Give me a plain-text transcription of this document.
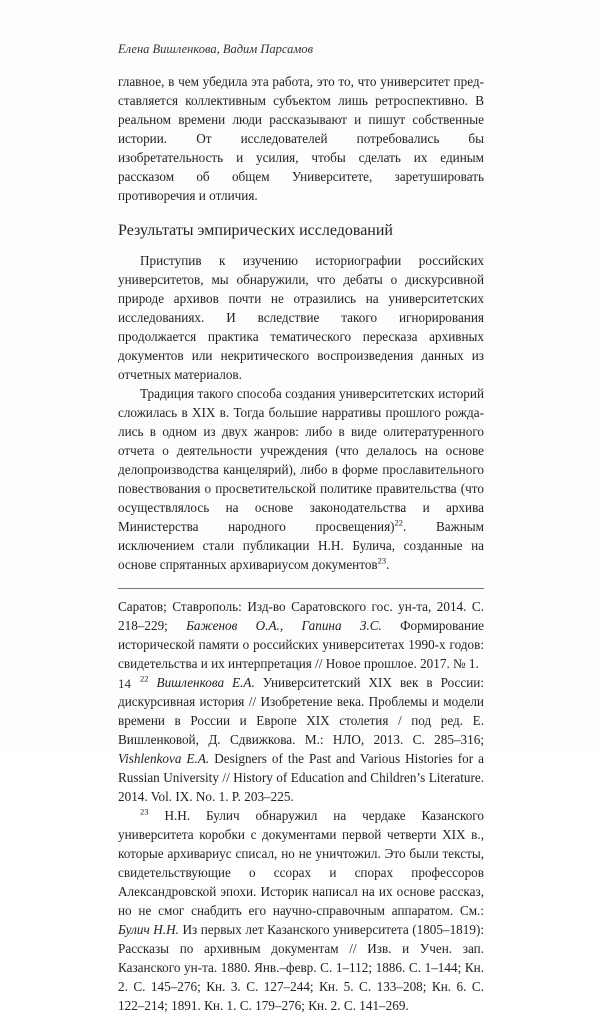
Елена Вишленкова, Вадим Парсамов

главное, в чем убедила эта работа, это то, что университет представляется коллективным субъектом лишь ретроспективно. В реальном времени люди рассказывают и пишут собственные истории. От исследователей потребовались бы изобретательность и усилия, чтобы сделать их единым рассказом об общем Университете, заретушировать противоречия и отличия.

Результаты эмпирических исследований

Приступив к изучению историографии российских университетов, мы обнаружили, что дебаты о дискурсивной природе архивов почти не отразились на университетских исследованиях. И вследствие такого игнорирования продолжается практика тематического пересказа архивных документов или некритического воспроизведения данных из отчетных материалов.

Традиция такого способа создания университетских историй сложилась в XIX в. Тогда большие нарративы прошлого рождались в одном из двух жанров: либо в виде олитературенного отчета о деятельности учреждения (что делалось на основе делопроизводства канцелярий), либо в форме прославительного повествования о просветительской политике правительства (что осуществлялось на основе законодательства и архива Министерства народного просвещения)$^{22}$. Важным исключением стали публикации Н.Н. Булича, созданные на основе спрятанных архивариусом документов$^{23}$.

Саратов; Ставрополь: Изд-во Саратовского гос. ун-та, 2014. С. 218–229; Баженов О.А., Гапина З.С. Формирование исторической памяти о российских университетах 1990-х годов: свидетельства и их интерпретация // Новое прошлое. 2017. № 1.

$^{22}$ Вишленкова Е.А. Университетский XIX век в России: дискурсивная история // Изобретение века. Проблемы и модели времени в России и Европе XIX столетия / под ред. Е. Вишленковой, Д. Сдвижкова. М.: НЛО, 2013. С. 285–316; Vishlenkova E.A. Designers of the Past and Various Histories for a Russian University // History of Education and Children’s Literature. 2014. Vol. IX. No. 1. P. 203–225.

$^{23}$ Н.Н. Булич обнаружил на чердаке Казанского университета коробки с документами первой четверти XIX в., которые архивариус списал, но не уничтожил. Это были тексты, свидетельствующие о ссорах и спорах профессоров Александровской эпохи. Историк написал на их основе рассказ, но не смог снабдить его научно-справочным аппаратом. См.: Булич Н.Н. Из первых лет Казанского университета (1805–1819): Рассказы по архивным документам // Изв. и Учен. зап. Казанского ун-та. 1880. Янв.–февр. С. 1–112; 1886. С. 1–144; Кн. 2. С. 145–276; Кн. 3. С. 127–244; Кн. 5. С. 133–208; Кн. 6. С. 122–214; 1891. Кн. 1. С. 179–276; Кн. 2. С. 141–269.

14
